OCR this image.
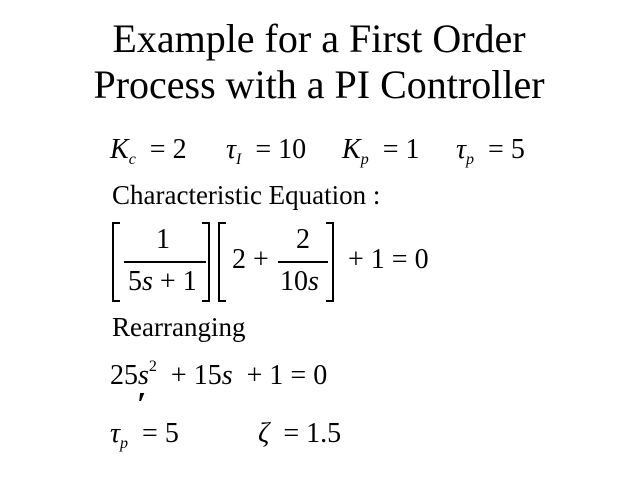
Example for a First Order
Process with a PI Controller
$K_c = 2$ $\tau_I = 10$ $K_p = 1$ $\tau_p = 5$
Characteristic Equation :
1
5s + 1
2 +
2
10s
+ 1 = 0
Rearranging
$25s^2 + 15s + 1 = 0$
$\tau_p = 5$
′
ζ = 1.5
